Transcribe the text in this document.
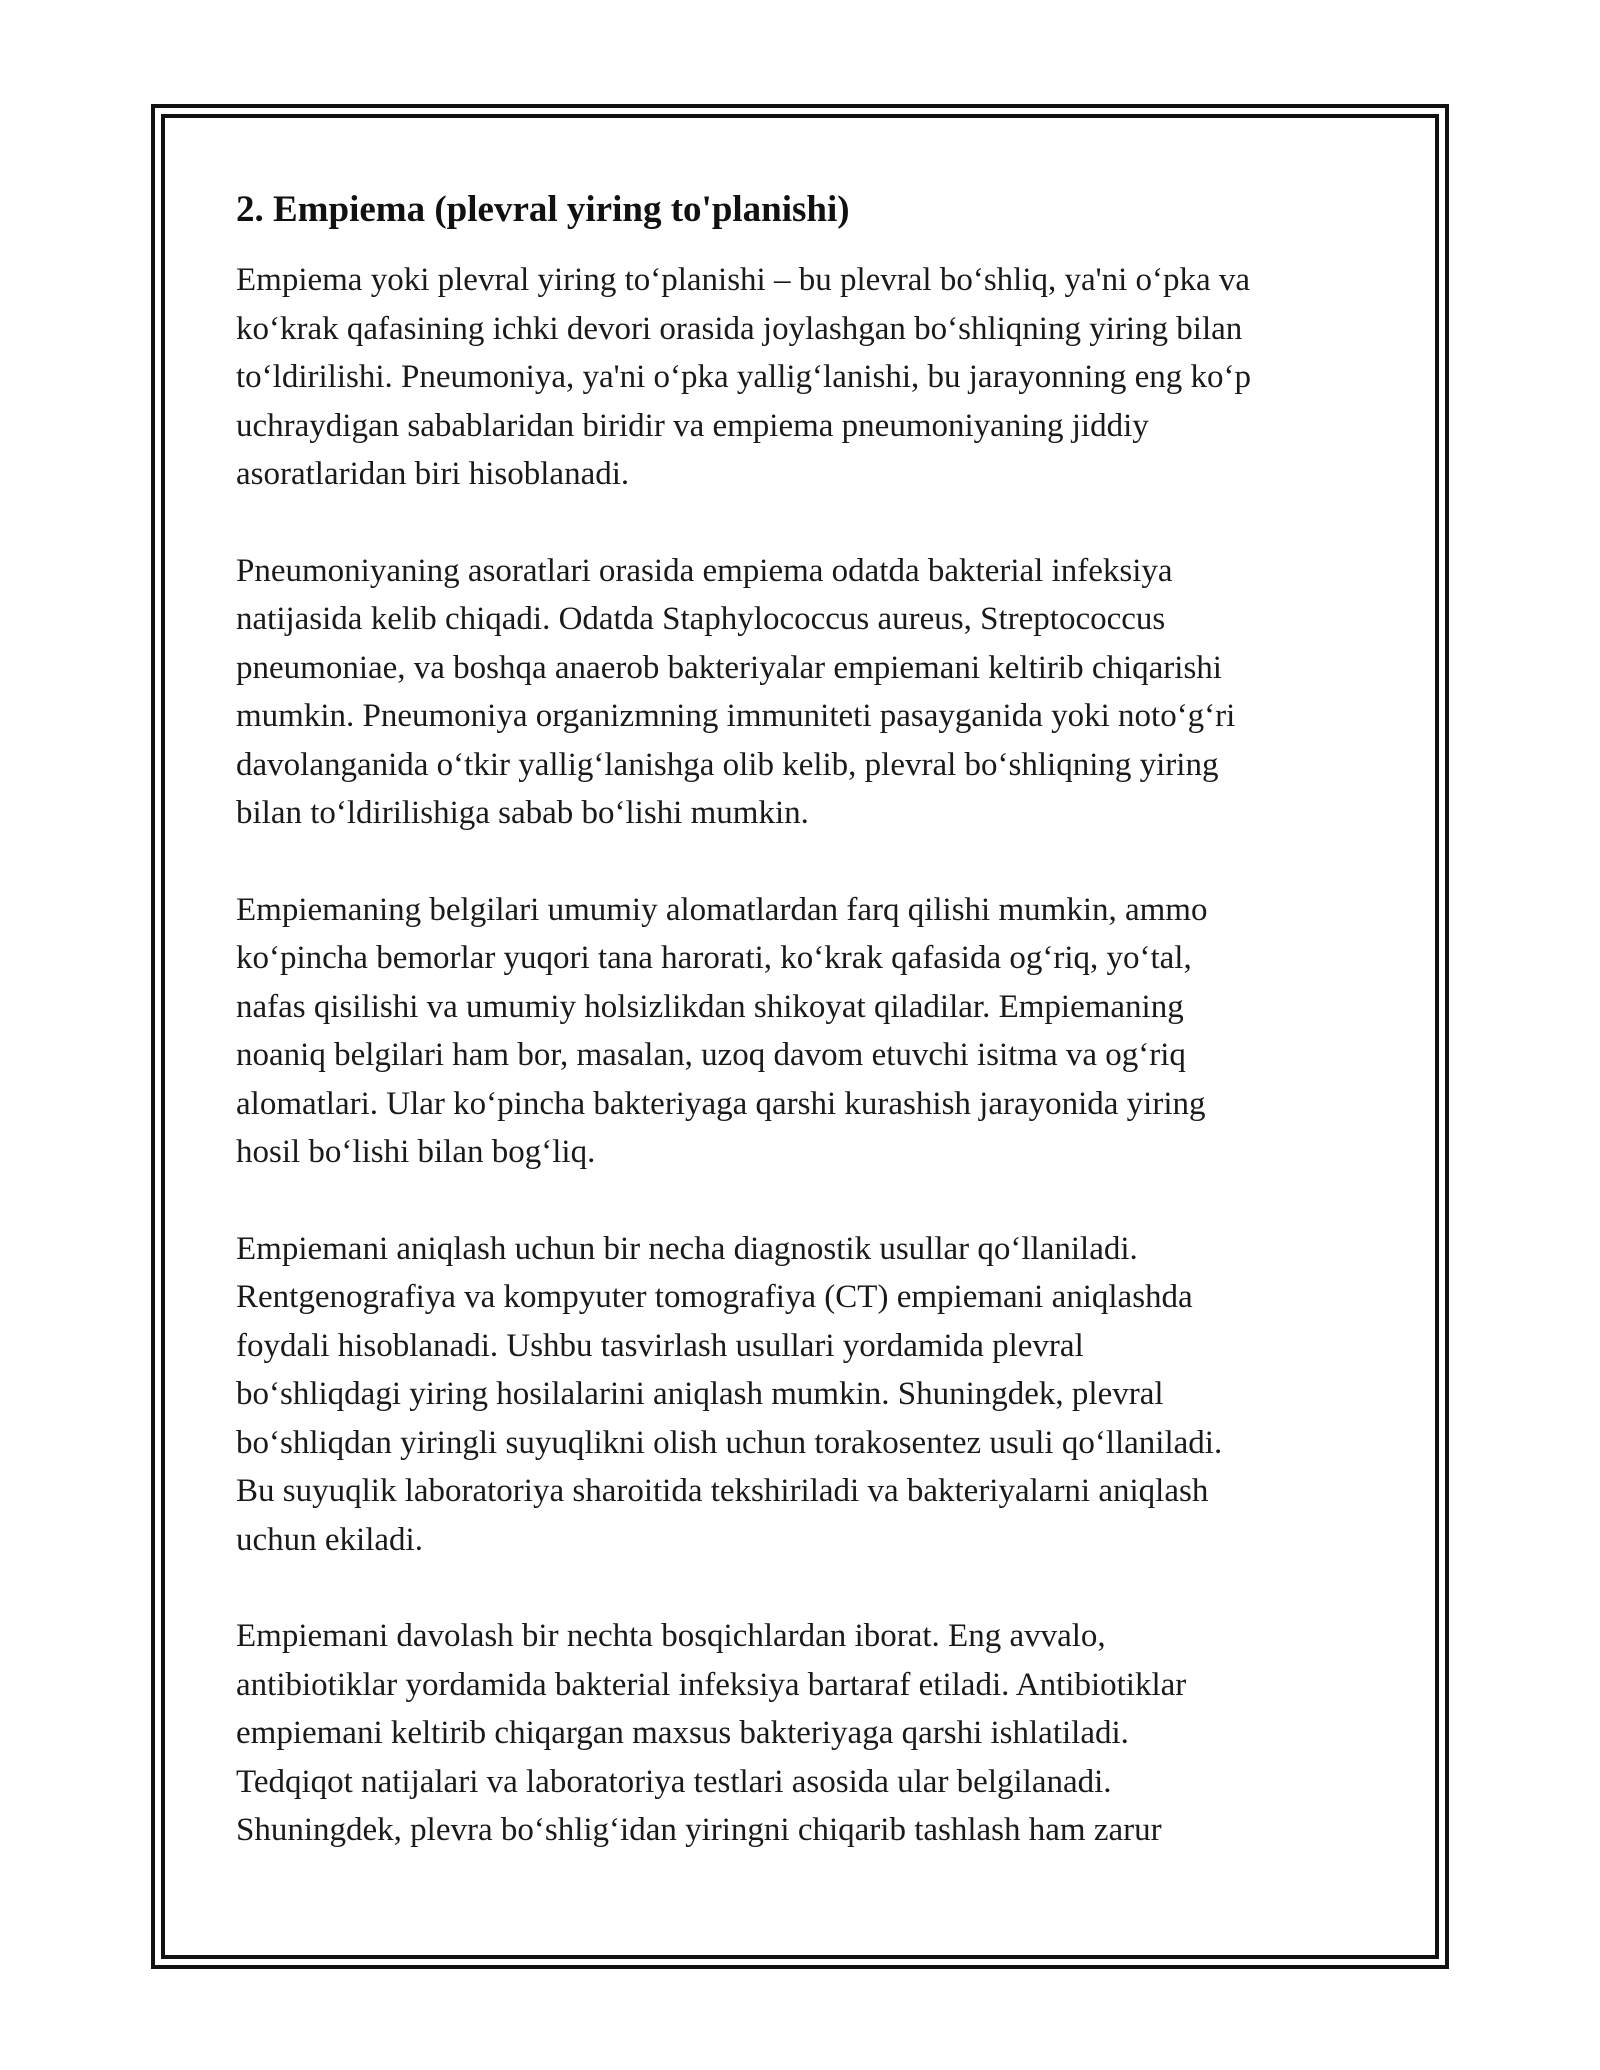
2. Empiema (plevral yiring to'planishi)
Empiema yoki plevral yiring to‘planishi – bu plevral bo‘shliq, ya'ni o‘pka va
ko‘krak qafasining ichki devori orasida joylashgan bo‘shliqning yiring bilan
to‘ldirilishi. Pneumoniya, ya'ni o‘pka yallig‘lanishi, bu jarayonning eng ko‘p
uchraydigan sabablaridan biridir va empiema pneumoniyaning jiddiy
asoratlaridan biri hisoblanadi.
Pneumoniyaning asoratlari orasida empiema odatda bakterial infeksiya
natijasida kelib chiqadi. Odatda Staphylococcus aureus, Streptococcus
pneumoniae, va boshqa anaerob bakteriyalar empiemani keltirib chiqarishi
mumkin. Pneumoniya organizmning immuniteti pasayganida yoki noto‘g‘ri
davolanganida o‘tkir yallig‘lanishga olib kelib, plevral bo‘shliqning yiring
bilan to‘ldirilishiga sabab bo‘lishi mumkin.
Empiemaning belgilari umumiy alomatlardan farq qilishi mumkin, ammo
ko‘pincha bemorlar yuqori tana harorati, ko‘krak qafasida og‘riq, yo‘tal,
nafas qisilishi va umumiy holsizlikdan shikoyat qiladilar. Empiemaning
noaniq belgilari ham bor, masalan, uzoq davom etuvchi isitma va og‘riq
alomatlari. Ular ko‘pincha bakteriyaga qarshi kurashish jarayonida yiring
hosil bo‘lishi bilan bog‘liq.
Empiemani aniqlash uchun bir necha diagnostik usullar qo‘llaniladi.
Rentgenografiya va kompyuter tomografiya (CT) empiemani aniqlashda
foydali hisoblanadi. Ushbu tasvirlash usullari yordamida plevral
bo‘shliqdagi yiring hosilalarini aniqlash mumkin. Shuningdek, plevral
bo‘shliqdan yiringli suyuqlikni olish uchun torakosentez usuli qo‘llaniladi.
Bu suyuqlik laboratoriya sharoitida tekshiriladi va bakteriyalarni aniqlash
uchun ekiladi.
Empiemani davolash bir nechta bosqichlardan iborat. Eng avvalo,
antibiotiklar yordamida bakterial infeksiya bartaraf etiladi. Antibiotiklar
empiemani keltirib chiqargan maxsus bakteriyaga qarshi ishlatiladi.
Tedqiqot natijalari va laboratoriya testlari asosida ular belgilanadi.
Shuningdek, plevra bo‘shlig‘idan yiringni chiqarib tashlash ham zarur
